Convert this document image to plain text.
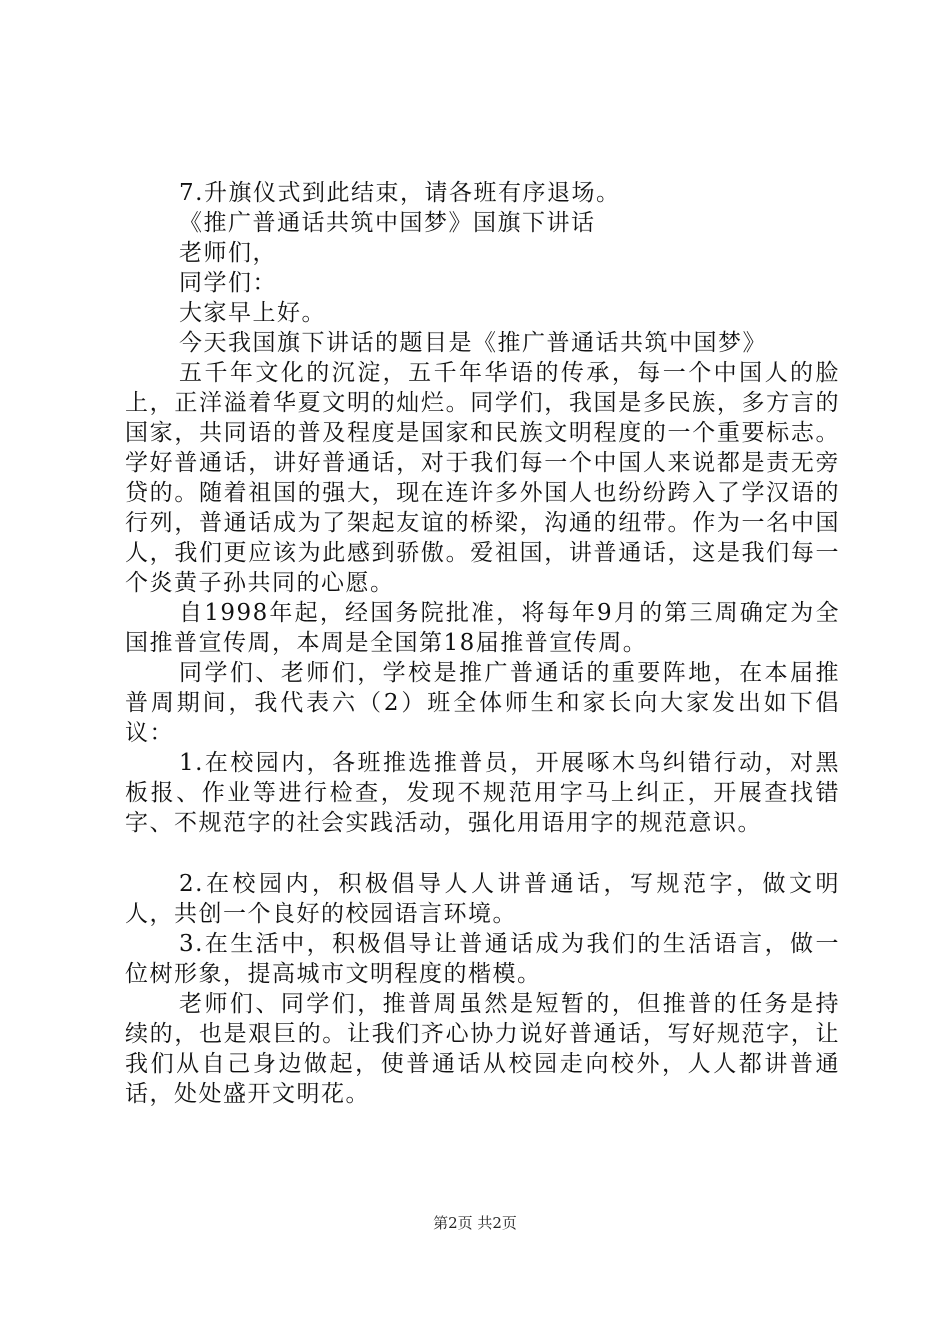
7.升旗仪式到此结束，请各班有序退场。

《推广普通话共筑中国梦》国旗下讲话

老师们，

同学们：

大家早上好。

今天我国旗下讲话的题目是《推广普通话共筑中国梦》

五千年文化的沉淀，五千年华语的传承，每一个中国人的脸上，正洋溢着华夏文明的灿烂。同学们，我国是多民族，多方言的国家，共同语的普及程度是国家和民族文明程度的一个重要标志。学好普通话，讲好普通话，对于我们每一个中国人来说都是责无旁贷的。随着祖国的强大，现在连许多外国人也纷纷跨入了学汉语的行列，普通话成为了架起友谊的桥梁，沟通的纽带。作为一名中国人，我们更应该为此感到骄傲。爱祖国，讲普通话，这是我们每一个炎黄子孙共同的心愿。

自1998年起，经国务院批准，将每年9月的第三周确定为全国推普宣传周，本周是全国第18届推普宣传周。

同学们、老师们，学校是推广普通话的重要阵地，在本届推普周期间，我代表六（2）班全体师生和家长向大家发出如下倡议：

1.在校园内，各班推选推普员，开展啄木鸟纠错行动，对黑板报、作业等进行检查，发现不规范用字马上纠正，开展查找错字、不规范字的社会实践活动，强化用语用字的规范意识。

2.在校园内，积极倡导人人讲普通话，写规范字，做文明人，共创一个良好的校园语言环境。

3.在生活中，积极倡导让普通话成为我们的生活语言，做一位树形象，提高城市文明程度的楷模。

老师们、同学们，推普周虽然是短暂的，但推普的任务是持续的，也是艰巨的。让我们齐心协力说好普通话，写好规范字，让我们从自己身边做起，使普通话从校园走向校外，人人都讲普通话，处处盛开文明花。

第2页 共2页
